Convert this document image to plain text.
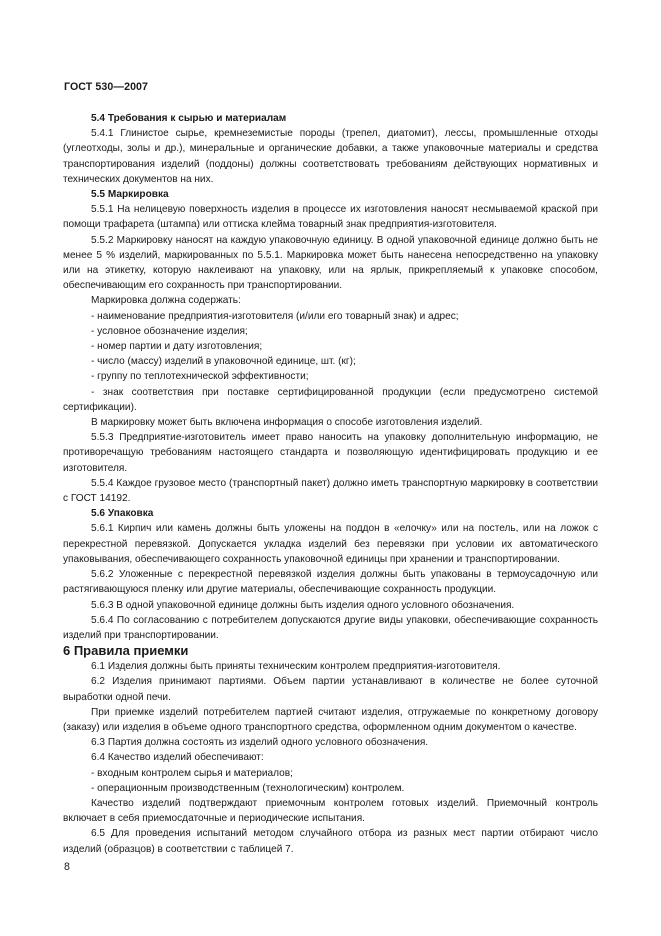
ГОСТ 530—2007

5.4 Требования к сырью и материалам

5.4.1 Глинистое сырье, кремнеземистые породы (трепел, диатомит), лессы, промышленные отходы (углеотходы, золы и др.), минеральные и органические добавки, а также упаковочные материалы и средства транспортирования изделий (поддоны) должны соответствовать требованиям действующих нормативных и технических документов на них.

5.5 Маркировка

5.5.1 На нелицевую поверхность изделия в процессе их изготовления наносят несмываемой краской при помощи трафарета (штампа) или оттиска клейма товарный знак предприятия-изготовителя.

5.5.2 Маркировку наносят на каждую упаковочную единицу. В одной упаковочной единице должно быть не менее 5 % изделий, маркированных по 5.5.1. Маркировка может быть нанесена непосредственно на упаковку или на этикетку, которую наклеивают на упаковку, или на ярлык, прикрепляемый к упаковке способом, обеспечивающим его сохранность при транспортировании.

Маркировка должна содержать:

- наименование предприятия-изготовителя (и/или его товарный знак) и адрес;

- условное обозначение изделия;

- номер партии и дату изготовления;

- число (массу) изделий в упаковочной единице, шт. (кг);

- группу по теплотехнической эффективности;

- знак соответствия при поставке сертифицированной продукции (если предусмотрено системой сертификации).

В маркировку может быть включена информация о способе изготовления изделий.

5.5.3 Предприятие-изготовитель имеет право наносить на упаковку дополнительную информацию, не противоречащую требованиям настоящего стандарта и позволяющую идентифицировать продукцию и ее изготовителя.

5.5.4 Каждое грузовое место (транспортный пакет) должно иметь транспортную маркировку в соответствии с ГОСТ 14192.

5.6 Упаковка

5.6.1 Кирпич или камень должны быть уложены на поддон в «елочку» или на постель, или на ложок с перекрестной перевязкой. Допускается укладка изделий без перевязки при условии их автоматического упаковывания, обеспечивающего сохранность упаковочной единицы при хранении и транспортировании.

5.6.2 Уложенные с перекрестной перевязкой изделия должны быть упакованы в термоусадочную или растягивающуюся пленку или другие материалы, обеспечивающие сохранность продукции.

5.6.3 В одной упаковочной единице должны быть изделия одного условного обозначения.

5.6.4 По согласованию с потребителем допускаются другие виды упаковки, обеспечивающие сохранность изделий при транспортировании.

6 Правила приемки

6.1 Изделия должны быть приняты техническим контролем предприятия-изготовителя.

6.2 Изделия принимают партиями. Объем партии устанавливают в количестве не более суточной выработки одной печи.

При приемке изделий потребителем партией считают изделия, отгружаемые по конкретному договору (заказу) или изделия в объеме одного транспортного средства, оформленном одним документом о качестве.

6.3 Партия должна состоять из изделий одного условного обозначения.

6.4 Качество изделий обеспечивают:

- входным контролем сырья и материалов;

- операционным производственным (технологическим) контролем.

Качество изделий подтверждают приемочным контролем готовых изделий. Приемочный контроль включает в себя приемосдаточные и периодические испытания.

6.5 Для проведения испытаний методом случайного отбора из разных мест партии отбирают число изделий (образцов) в соответствии с таблицей 7.

8
